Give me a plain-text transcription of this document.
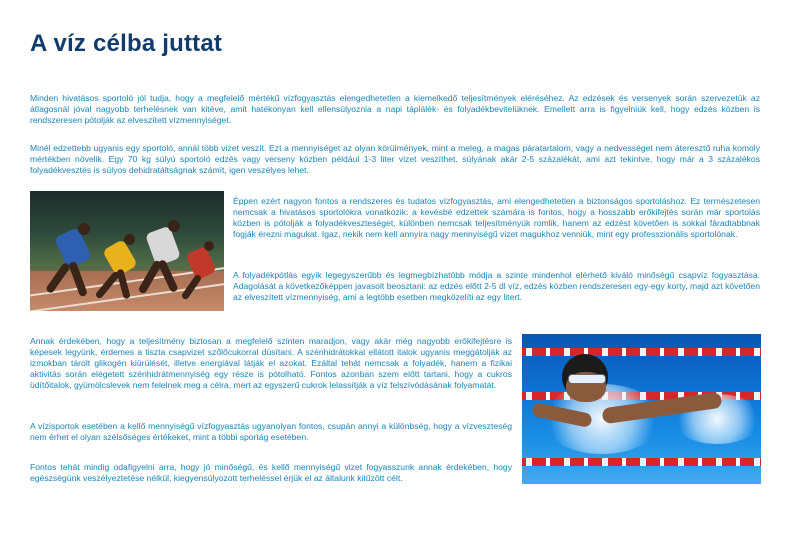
A víz célba juttat

Minden hivatásos sportoló jól tudja, hogy a megfelelő mértékű vízfogyasztás elengedhetetlen a kiemelkedő teljesítmények eléréséhez. Az edzések és versenyek során szervezetük az átlagosnál jóval nagyobb terhelésnek van kitéve, amit hatékonyan kell ellensúlyoznia a napi táplálék- és folyadékbevitelüknek. Emellett arra is figyelniük kell, hogy edzés közben is rendszeresen pótolják az elveszített vízmennyiséget.

Minél edzettebb ugyanis egy sportoló, annál több vizet veszít. Ezt a mennyiséget az olyan körülmények, mint a meleg, a magas páratartalom, vagy a nedvességet nem áteresztő ruha komoly mértékben növelik. Egy 70 kg súlyú sportoló edzés vagy verseny közben például 1-3 liter vizet veszíthet, súlyának akár 2-5 százalékát, ami azt tekintve, hogy már a 3 százalékos folyadékvesztés is súlyos dehidratáltságnak számít, igen veszélyes lehet.

Éppen ezért nagyon fontos a rendszeres és tudatos vízfogyasztás, ami elengedhetetlen a biztonságos sportoláshoz. Ez természetesen nemcsak a hivatásos sportolókra vonatkozik: a kevésbé edzettek számára is fontos, hogy a hosszabb erőkifejtés során már sportolás közben is pótolják a folyadékveszteséget, különben nemcsak teljesítményük romlik, hanem az edzést követően is sokkal fáradtabbnak fogják érezni magukat. Igaz, nekik nem kell annyira nagy mennyiségű vizet magukhoz venniük, mint egy professzionális sportolónak.

A folyadékpótlás egyik legegyszerűbb és legmegbízhatóbb módja a szinte mindenhol elérhető kiváló minőségű csapvíz fogyasztása. Adagolását a következőképpen javasolt beosztani: az edzés előtt 2-5 dl víz, edzés közben rendszeresen egy-egy korty, majd azt követően az elveszített vízmennyiség, ami a legtöbb esetben megközelíti az egy litert.

Annak érdekében, hogy a teljesítmény biztosan a megfelelő szinten maradjon, vagy akár még nagyobb erőkifejtésre is képesek legyünk, érdemes a tiszta csapvizet szőlőcukorral dúsítani. A szénhidrátokkal ellátott italok ugyanis meggátolják az izmokban tárolt glikogén kiürülését, illetve energiával látják el azokat. Ezáltal tehát nemcsak a folyadék, hanem a fizikai aktivitás során elégetett szénhidrátmennyiség egy része is pótolható. Fontos azonban szem előtt tartani, hogy a cukros üdítőitalok, gyümölcslevek nem felelnek meg a célra, mert az egyszerű cukrok lelassítják a víz felszívódásának folyamatát.

A vízisportok esetében a kellő mennyiségű vízfogyasztás ugyanolyan fontos, csupán annyi a különbség, hogy a vízveszteség nem érhet el olyan szélsőséges értékeket, mint a többi sportág esetében.

Fontos tehát mindig odafigyelni arra, hogy jó minőségű, és kellő mennyiségű vizet fogyasszunk annak érdekében, hogy egészségünk veszélyeztetése nélkül, kiegyensúlyozott terheléssel érjük el az általunk kitűzött célt.
